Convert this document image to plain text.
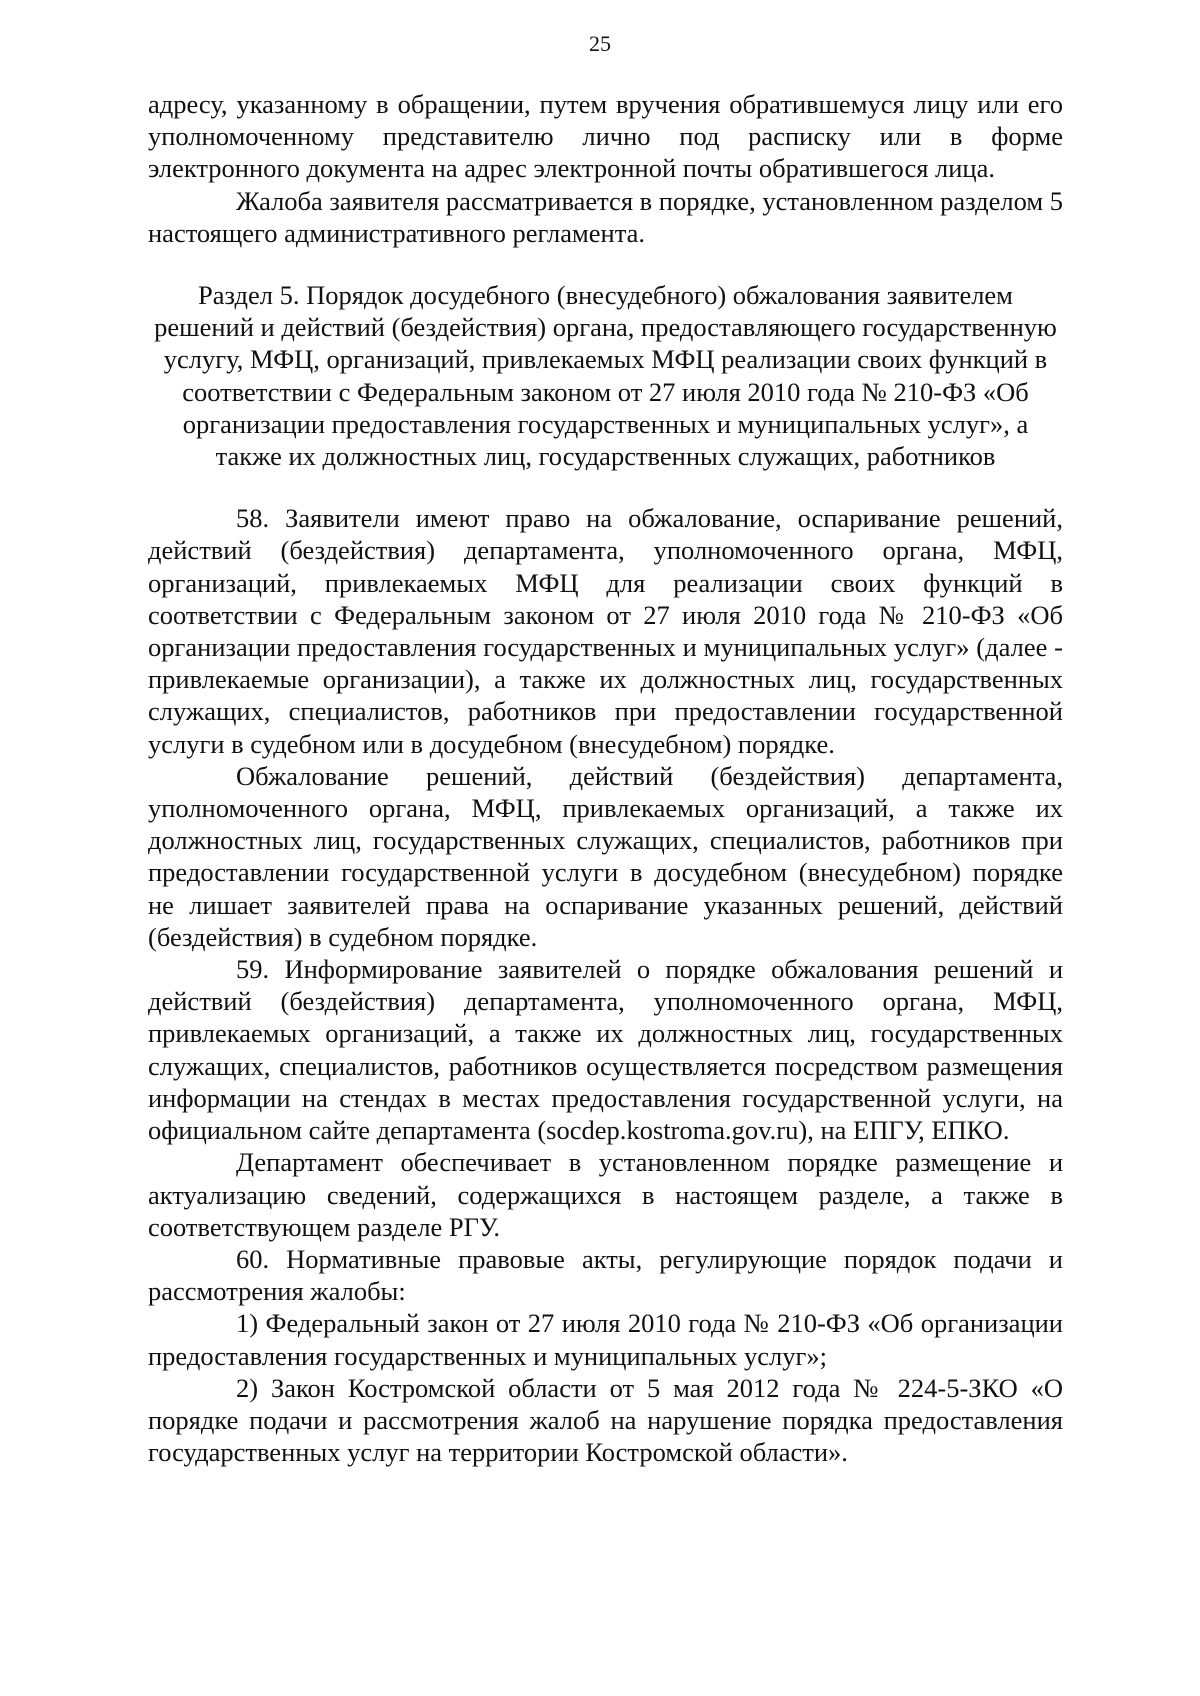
25

адресу, указанному в обращении, путем вручения обратившемуся лицу или его уполномоченному представителю лично под расписку или в форме электронного документа на адрес электронной почты обратившегося лица.

Жалоба заявителя рассматривается в порядке, установленном разделом 5 настоящего административного регламента.

Раздел 5. Порядок досудебного (внесудебного) обжалования заявителем решений и действий (бездействия) органа, предоставляющего государственную услугу, МФЦ, организаций, привлекаемых МФЦ реализации своих функций в соответствии с Федеральным законом от 27 июля 2010 года № 210-ФЗ «Об организации предоставления государственных и муниципальных услуг», а также их должностных лиц, государственных служащих, работников

58. Заявители имеют право на обжалование, оспаривание решений, действий (бездействия) департамента, уполномоченного органа, МФЦ, организаций, привлекаемых МФЦ для реализации своих функций в соответствии с Федеральным законом от 27 июля 2010 года № 210-ФЗ «Об организации предоставления государственных и муниципальных услуг» (далее - привлекаемые организации), а также их должностных лиц, государственных служащих, специалистов, работников при предоставлении государственной услуги в судебном или в досудебном (внесудебном) порядке.

Обжалование решений, действий (бездействия) департамента, уполномоченного органа, МФЦ, привлекаемых организаций, а также их должностных лиц, государственных служащих, специалистов, работников при предоставлении государственной услуги в досудебном (внесудебном) порядке не лишает заявителей права на оспаривание указанных решений, действий (бездействия) в судебном порядке.

59. Информирование заявителей о порядке обжалования решений и действий (бездействия) департамента, уполномоченного органа, МФЦ, привлекаемых организаций, а также их должностных лиц, государственных служащих, специалистов, работников осуществляется посредством размещения информации на стендах в местах предоставления государственной услуги, на официальном сайте департамента (socdep.kostroma.gov.ru), на ЕПГУ, ЕПКО.

Департамент обеспечивает в установленном порядке размещение и актуализацию сведений, содержащихся в настоящем разделе, а также в соответствующем разделе РГУ.

60. Нормативные правовые акты, регулирующие порядок подачи и рассмотрения жалобы:

1) Федеральный закон от 27 июля 2010 года № 210-ФЗ «Об организации предоставления государственных и муниципальных услуг»;

2) Закон Костромской области от 5 мая 2012 года № 224-5-ЗКО «О порядке подачи и рассмотрения жалоб на нарушение порядка предоставления государственных услуг на территории Костромской области».
